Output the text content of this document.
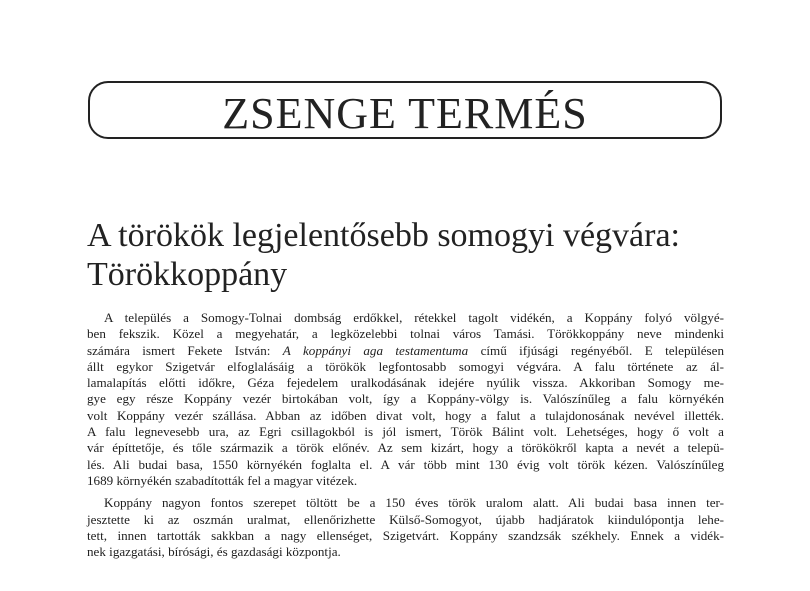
ZSENGE TERMÉS
A törökök legjelentősebb somogyi végvára:
Törökkoppány

A település a Somogy-Tolnai dombság erdőkkel, rétekkel tagolt vidékén, a Koppány folyó völgyé-
ben fekszik. Közel a megyehatár, a legközelebbi tolnai város Tamási. Törökkoppány neve mindenki
számára ismert Fekete István: A koppányi aga testamentuma című ifjúsági regényéből. E településen
állt egykor Szigetvár elfoglalásáig a törökök legfontosabb somogyi végvára. A falu története az ál-
lamalapítás előtti időkre, Géza fejedelem uralkodásának idejére nyúlik vissza. Akkoriban Somogy me-
gye egy része Koppány vezér birtokában volt, így a Koppány-völgy is. Valószínűleg a falu környékén
volt Koppány vezér szállása. Abban az időben divat volt, hogy a falut a tulajdonosának nevével illették.
A falu legnevesebb ura, az Egri csillagokból is jól ismert, Török Bálint volt. Lehetséges, hogy ő volt a
vár építtetője, és tőle származik a török előnév. Az sem kizárt, hogy a törökökről kapta a nevét a telepü-
lés. Ali budai basa, 1550 környékén foglalta el. A vár több mint 130 évig volt török kézen. Valószínűleg
1689 környékén szabadították fel a magyar vitézek.

Koppány nagyon fontos szerepet töltött be a 150 éves török uralom alatt. Ali budai basa innen ter-
jesztette ki az oszmán uralmat, ellenőrizhette Külső-Somogyot, újabb hadjáratok kiindulópontja lehe-
tett, innen tartották sakkban a nagy ellenséget, Szigetvárt. Koppány szandzsák székhely. Ennek a vidék-
nek igazgatási, bírósági, és gazdasági központja.
